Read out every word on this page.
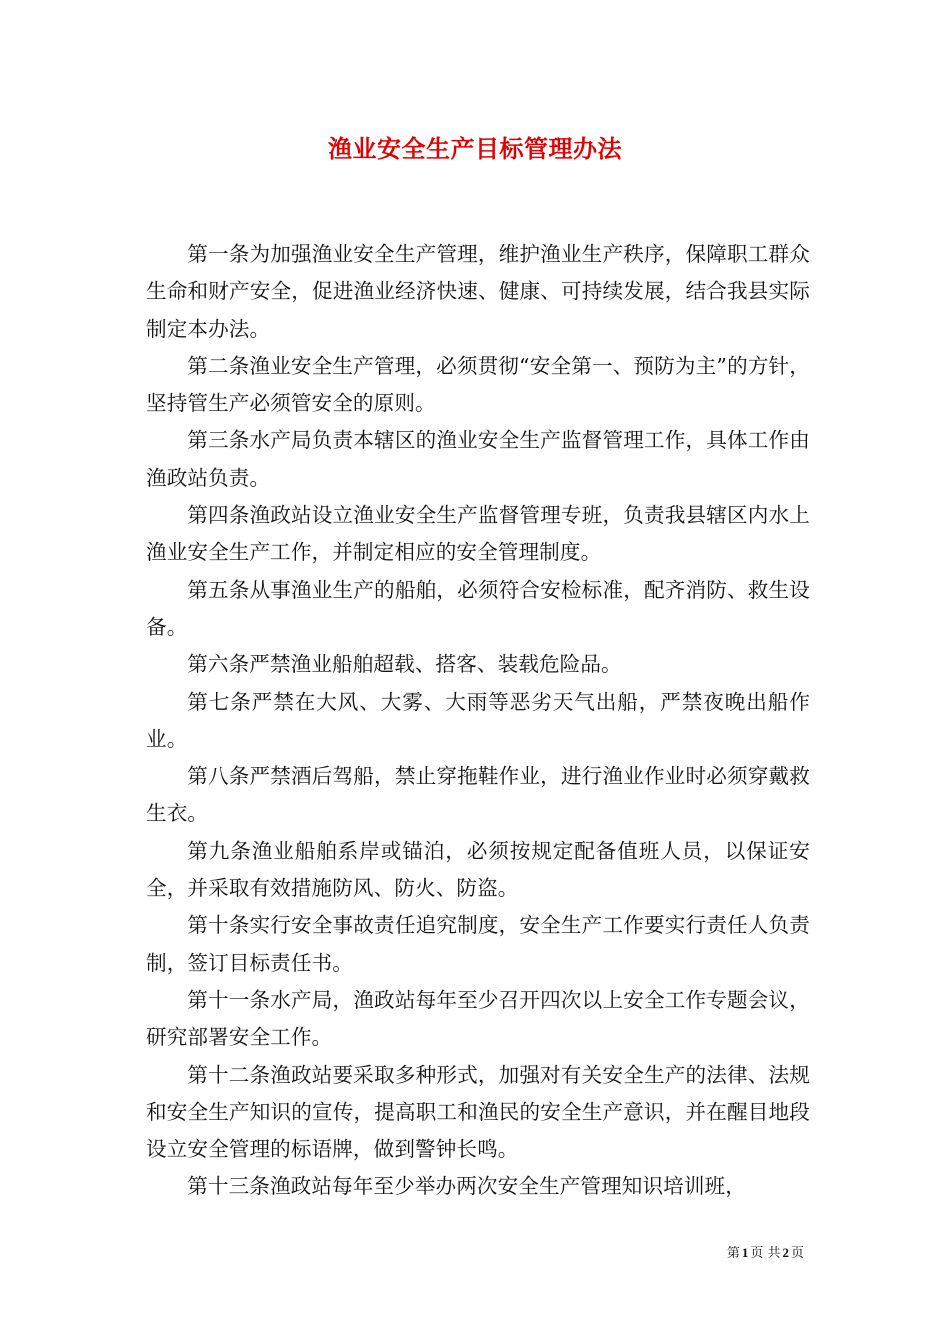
渔业安全生产目标管理办法

第一条为加强渔业安全生产管理，维护渔业生产秩序，保障职工群众生命和财产安全，促进渔业经济快速、健康、可持续发展，结合我县实际制定本办法。

第二条渔业安全生产管理，必须贯彻“安全第一、预防为主”的方针，坚持管生产必须管安全的原则。

第三条水产局负责本辖区的渔业安全生产监督管理工作，具体工作由渔政站负责。

第四条渔政站设立渔业安全生产监督管理专班，负责我县辖区内水上渔业安全生产工作，并制定相应的安全管理制度。

第五条从事渔业生产的船舶，必须符合安检标准，配齐消防、救生设备。

第六条严禁渔业船舶超载、搭客、装载危险品。

第七条严禁在大风、大雾、大雨等恶劣天气出船，严禁夜晚出船作业。

第八条严禁酒后驾船，禁止穿拖鞋作业，进行渔业作业时必须穿戴救生衣。

第九条渔业船舶系岸或锚泊，必须按规定配备值班人员，以保证安全，并采取有效措施防风、防火、防盗。

第十条实行安全事故责任追究制度，安全生产工作要实行责任人负责制，签订目标责任书。

第十一条水产局，渔政站每年至少召开四次以上安全工作专题会议，研究部署安全工作。

第十二条渔政站要采取多种形式，加强对有关安全生产的法律、法规和安全生产知识的宣传，提高职工和渔民的安全生产意识，并在醒目地段设立安全管理的标语牌，做到警钟长鸣。

第十三条渔政站每年至少举办两次安全生产管理知识培训班，

第 1 页 共 2 页
